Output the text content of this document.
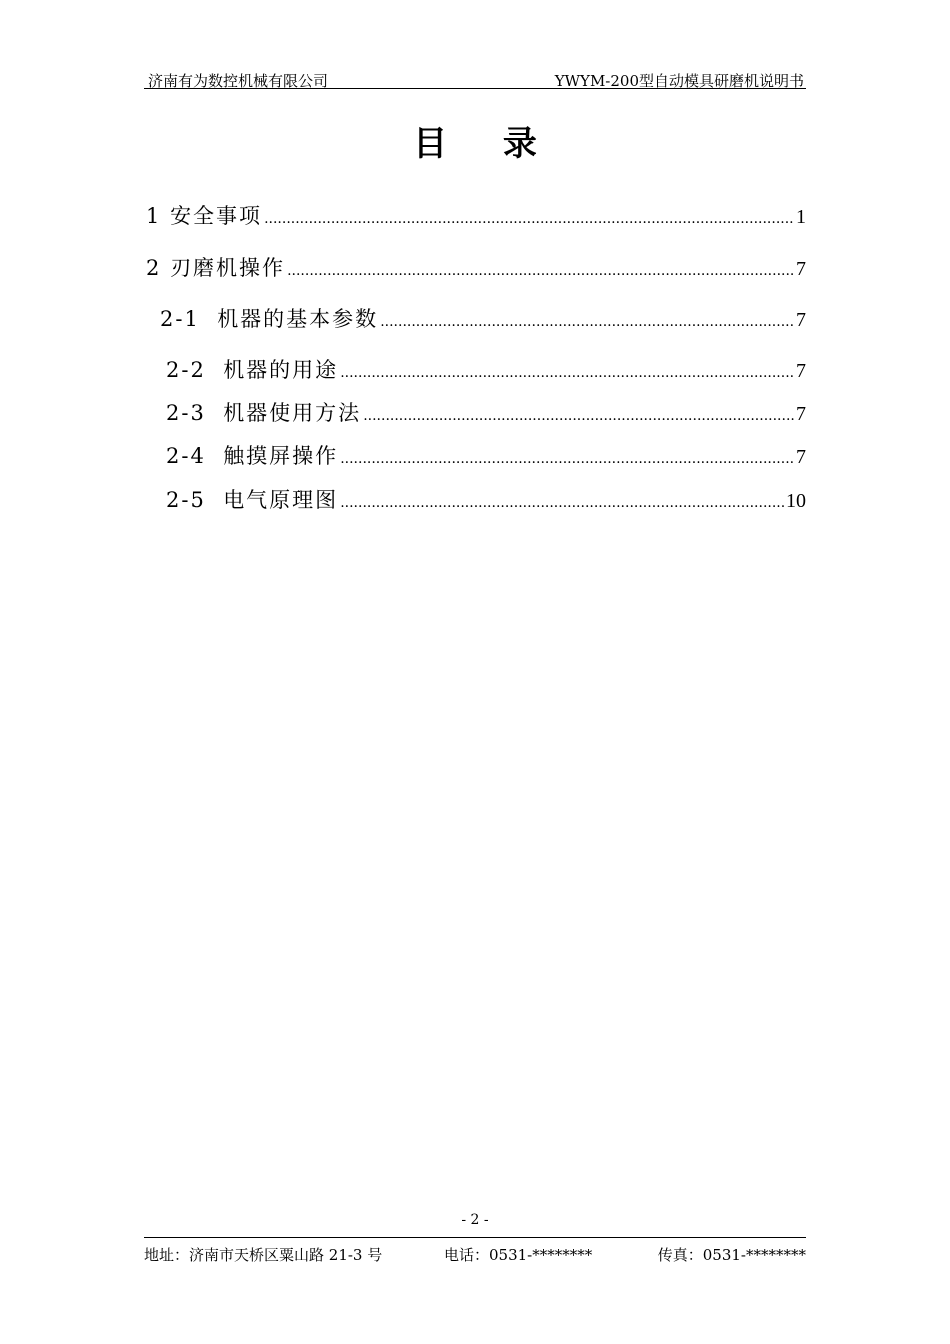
济南有为数控机械有限公司	YWYM-200型自动模具研磨机说明书
目 录
1 安全事项 .....	1
2 刃磨机操作 .....	7
2-1 机器的基本参数 .....	7
2-2 机器的用途 .....	7
2-3 机器使用方法 .....	7
2-4 触摸屏操作 .....	7
2-5 电气原理图 .....	10
- 2 -
地址：济南市天桥区粟山路 21-3 号	电话：0531-********	传真：0531-********
